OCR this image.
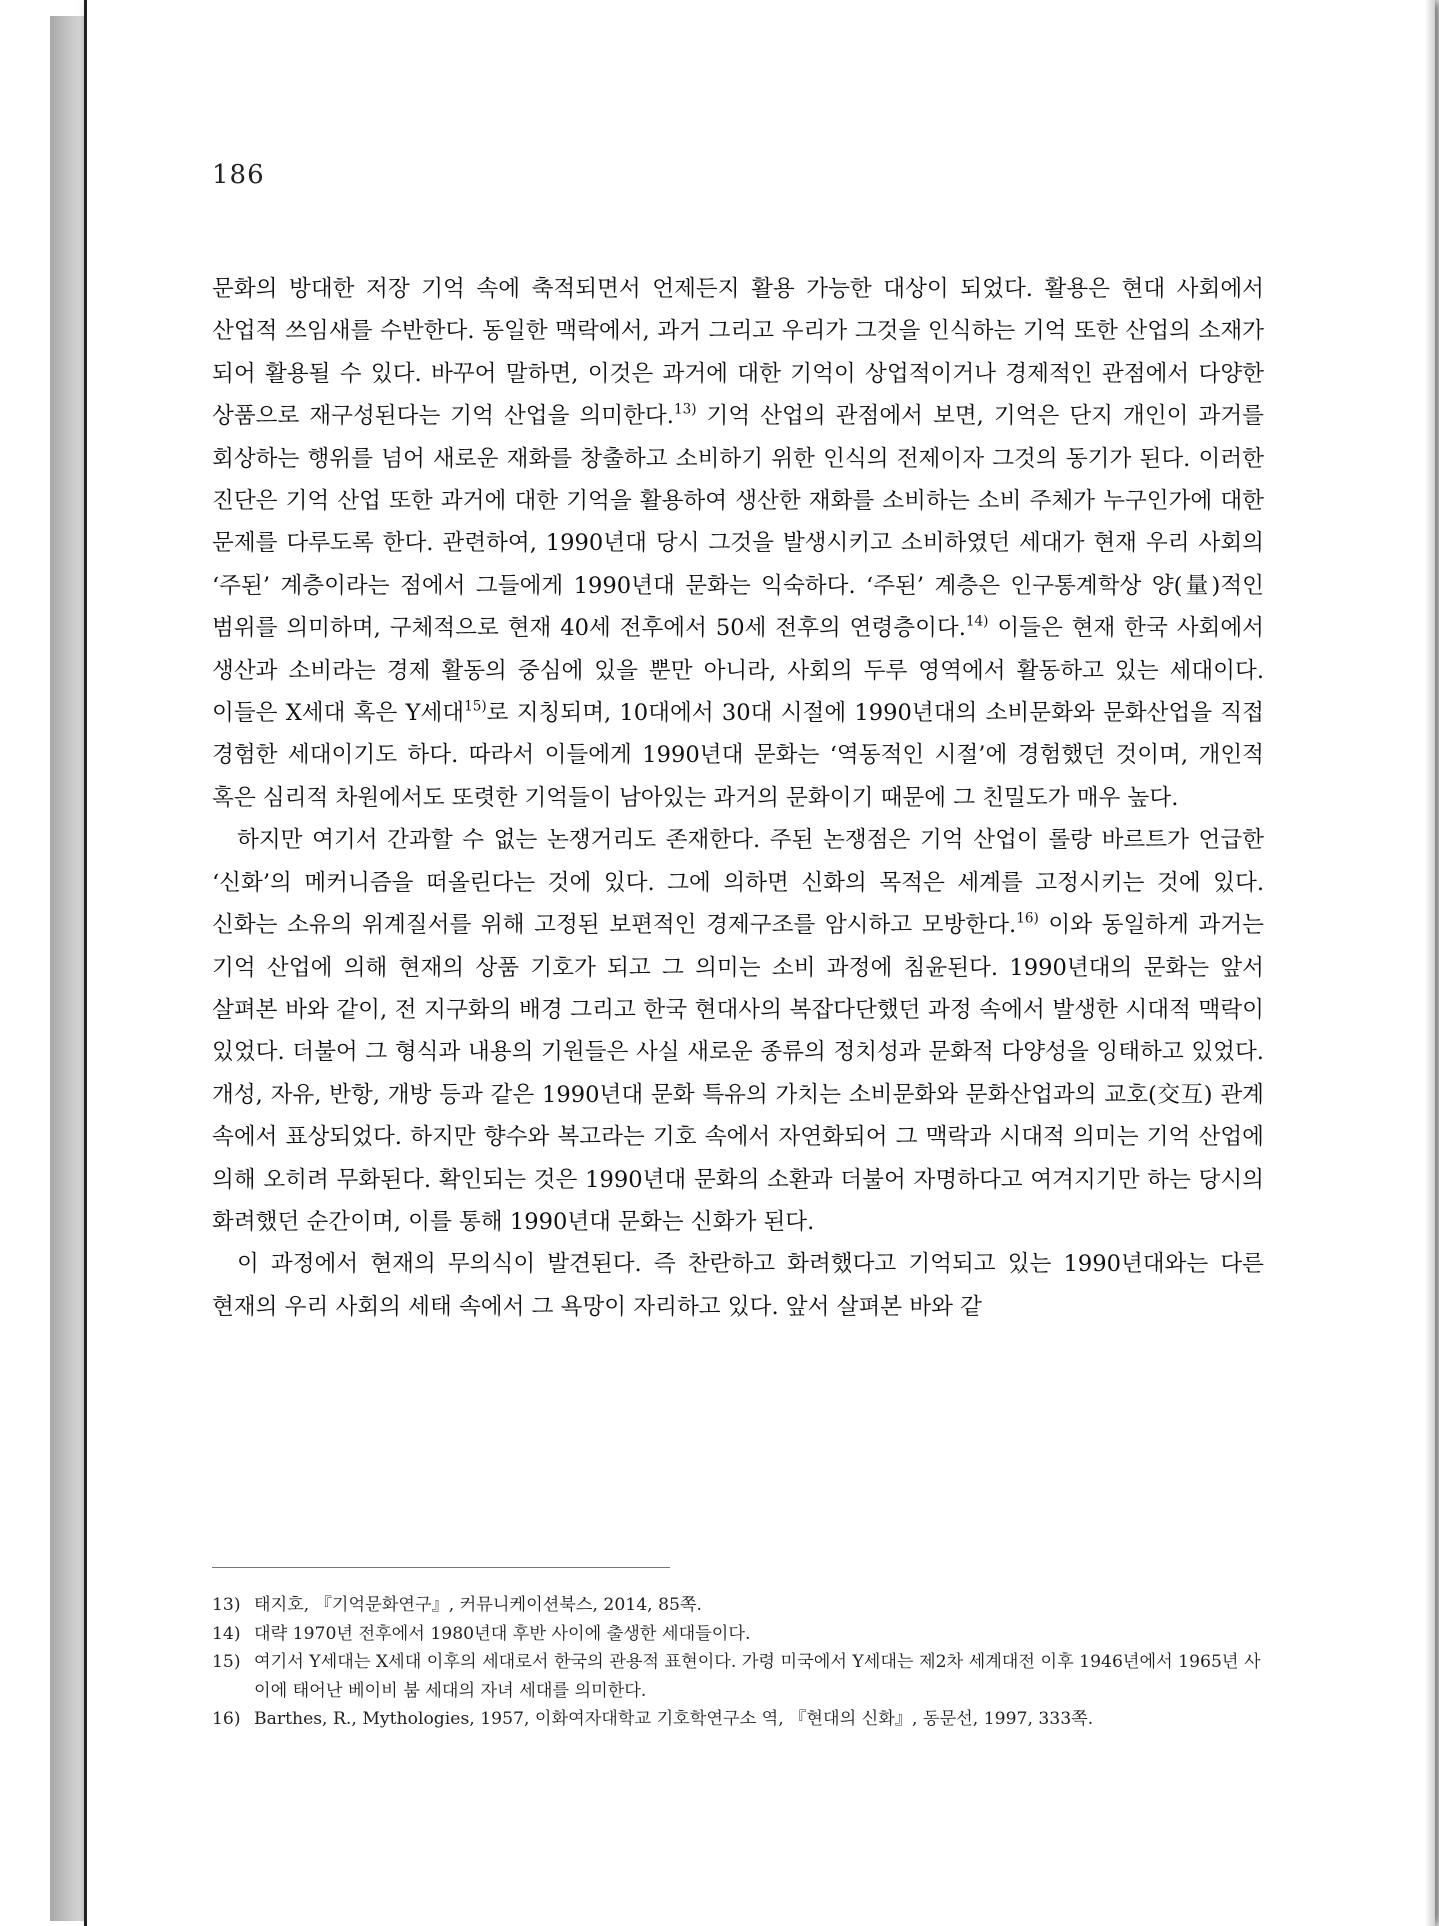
186

문화의 방대한 저장 기억 속에 축적되면서 언제든지 활용 가능한 대상이 되었다. 활용은 현대 사회에서 산업적 쓰임새를 수반한다. 동일한 맥락에서, 과거 그리고 우리가 그것을 인식하는 기억 또한 산업의 소재가 되어 활용될 수 있다. 바꾸어 말하면, 이것은 과거에 대한 기억이 상업적이거나 경제적인 관점에서 다양한 상품으로 재구성된다는 기억 산업을 의미한다.$^{13)}$ 기억 산업의 관점에서 보면, 기억은 단지 개인이 과거를 회상하는 행위를 넘어 새로운 재화를 창출하고 소비하기 위한 인식의 전제이자 그것의 동기가 된다. 이러한 진단은 기억 산업 또한 과거에 대한 기억을 활용하여 생산한 재화를 소비하는 소비 주체가 누구인가에 대한 문제를 다루도록 한다. 관련하여, 1990년대 당시 그것을 발생시키고 소비하였던 세대가 현재 우리 사회의 ‘주된’ 계층이라는 점에서 그들에게 1990년대 문화는 익숙하다. ‘주된’ 계층은 인구통계학상 양(量)적인 범위를 의미하며, 구체적으로 현재 40세 전후에서 50세 전후의 연령층이다.$^{14)}$ 이들은 현재 한국 사회에서 생산과 소비라는 경제 활동의 중심에 있을 뿐만 아니라, 사회의 두루 영역에서 활동하고 있는 세대이다. 이들은 X세대 혹은 Y세대$^{15)}$로 지칭되며, 10대에서 30대 시절에 1990년대의 소비문화와 문화산업을 직접 경험한 세대이기도 하다. 따라서 이들에게 1990년대 문화는 ‘역동적인 시절’에 경험했던 것이며, 개인적 혹은 심리적 차원에서도 또렷한 기억들이 남아있는 과거의 문화이기 때문에 그 친밀도가 매우 높다.

하지만 여기서 간과할 수 없는 논쟁거리도 존재한다. 주된 논쟁점은 기억 산업이 롤랑 바르트가 언급한 ‘신화’의 메커니즘을 떠올린다는 것에 있다. 그에 의하면 신화의 목적은 세계를 고정시키는 것에 있다. 신화는 소유의 위계질서를 위해 고정된 보편적인 경제구조를 암시하고 모방한다.$^{16)}$ 이와 동일하게 과거는 기억 산업에 의해 현재의 상품 기호가 되고 그 의미는 소비 과정에 침윤된다. 1990년대의 문화는 앞서 살펴본 바와 같이, 전 지구화의 배경 그리고 한국 현대사의 복잡다단했던 과정 속에서 발생한 시대적 맥락이 있었다. 더불어 그 형식과 내용의 기원들은 사실 새로운 종류의 정치성과 문화적 다양성을 잉태하고 있었다. 개성, 자유, 반항, 개방 등과 같은 1990년대 문화 특유의 가치는 소비문화와 문화산업과의 교호(交互) 관계 속에서 표상되었다. 하지만 향수와 복고라는 기호 속에서 자연화되어 그 맥락과 시대적 의미는 기억 산업에 의해 오히려 무화된다. 확인되는 것은 1990년대 문화의 소환과 더불어 자명하다고 여겨지기만 하는 당시의 화려했던 순간이며, 이를 통해 1990년대 문화는 신화가 된다.

이 과정에서 현재의 무의식이 발견된다. 즉 찬란하고 화려했다고 기억되고 있는 1990년대와는 다른 현재의 우리 사회의 세태 속에서 그 욕망이 자리하고 있다. 앞서 살펴본 바와 같

13) 태지호, 『기억문화연구』, 커뮤니케이션북스, 2014, 85쪽.
14) 대략 1970년 전후에서 1980년대 후반 사이에 출생한 세대들이다.
15) 여기서 Y세대는 X세대 이후의 세대로서 한국의 관용적 표현이다. 가령 미국에서 Y세대는 제2차 세계대전 이후 1946년에서 1965년 사이에 태어난 베이비 붐 세대의 자녀 세대를 의미한다.
16) Barthes, R., Mythologies, 1957, 이화여자대학교 기호학연구소 역, 『현대의 신화』, 동문선, 1997, 333쪽.
